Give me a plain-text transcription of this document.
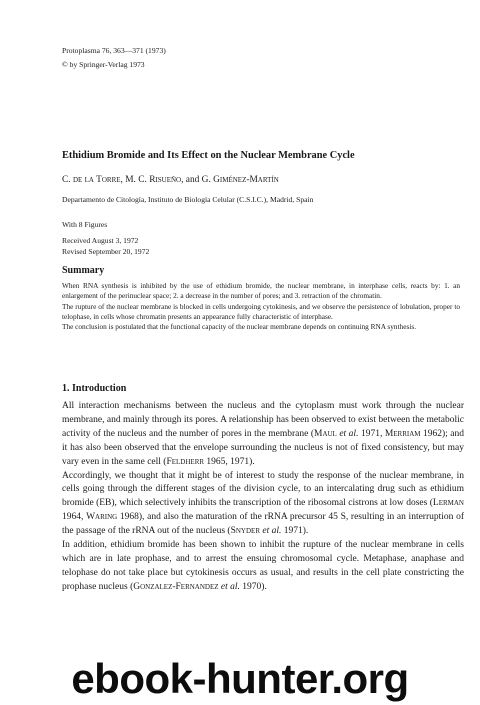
Protoplasma 76, 363—371 (1973)
© by Springer-Verlag 1973
Ethidium Bromide and Its Effect on the Nuclear Membrane Cycle
C. de la Torre, M. C. Risueño, and G. Giménez-Martín
Departamento de Citología, Instituto de Biología Celular (C.S.I.C.), Madrid, Spain
With 8 Figures
Received August 3, 1972
Revised September 20, 1972
Summary

When RNA synthesis is inhibited by the use of ethidium bromide, the nuclear membrane, in interphase cells, reacts by: 1. an enlargement of the perinuclear space; 2. a decrease in the number of pores; and 3. retraction of the chromatin.

The rupture of the nuclear membrane is blocked in cells undergoing cytokinesis, and we observe the persistence of lobulation, proper to telophase, in cells whose chromatin presents an appearance fully characteristic of interphase.

The conclusion is postulated that the functional capacity of the nuclear membrane depends on continuing RNA synthesis.

1. Introduction

All interaction mechanisms between the nucleus and the cytoplasm must work through the nuclear membrane, and mainly through its pores. A relationship has been observed to exist between the metabolic activity of the nucleus and the number of pores in the membrane (Maul et al. 1971, Merriam 1962); and it has also been observed that the envelope surrounding the nucleus is not of fixed consistency, but may vary even in the same cell (Feldherr 1965, 1971).

Accordingly, we thought that it might be of interest to study the response of the nuclear membrane, in cells going through the different stages of the division cycle, to an intercalating drug such as ethidium bromide (EB), which selectively inhibits the transcription of the ribosomal cistrons at low doses (Lerman 1964, Waring 1968), and also the maturation of the rRNA precursor 45 S, resulting in an interruption of the passage of the rRNA out of the nucleus (Snyder et al. 1971).

In addition, ethidium bromide has been shown to inhibit the rupture of the nuclear membrane in cells which are in late prophase, and to arrest the ensuing chromosomal cycle. Metaphase, anaphase and telophase do not take place but cytokinesis occurs as usual, and results in the cell plate constricting the prophase nucleus (Gonzalez-Fernandez et al. 1970).

ebook-hunter.org
